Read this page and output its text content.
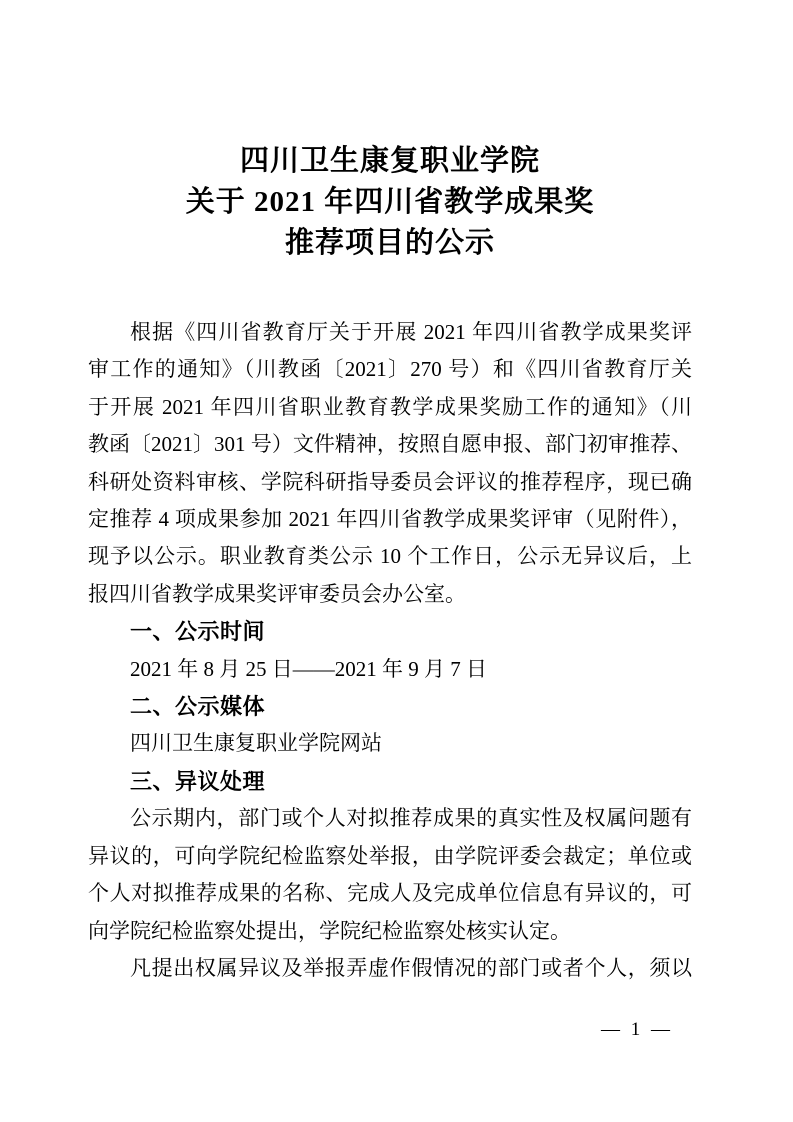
四川卫生康复职业学院
关于 2021 年四川省教学成果奖
推荐项目的公示
根据《四川省教育厅关于开展 2021 年四川省教学成果奖评
审工作的通知》（川教函〔2021〕270 号）和《四川省教育厅关
于开展 2021 年四川省职业教育教学成果奖励工作的通知》（川
教函〔2021〕301 号）文件精神，按照自愿申报、部门初审推荐、
科研处资料审核、学院科研指导委员会评议的推荐程序，现已确
定推荐 4 项成果参加 2021 年四川省教学成果奖评审（见附件），
现予以公示。职业教育类公示 10 个工作日，公示无异议后，上
报四川省教学成果奖评审委员会办公室。
一、公示时间
2021 年 8 月 25 日——2021 年 9 月 7 日
二、公示媒体
四川卫生康复职业学院网站
三、异议处理
公示期内，部门或个人对拟推荐成果的真实性及权属问题有
异议的，可向学院纪检监察处举报，由学院评委会裁定；单位或
个人对拟推荐成果的名称、完成人及完成单位信息有异议的，可
向学院纪检监察处提出，学院纪检监察处核实认定。
凡提出权属异议及举报弄虚作假情况的部门或者个人，须以
— 1 —
